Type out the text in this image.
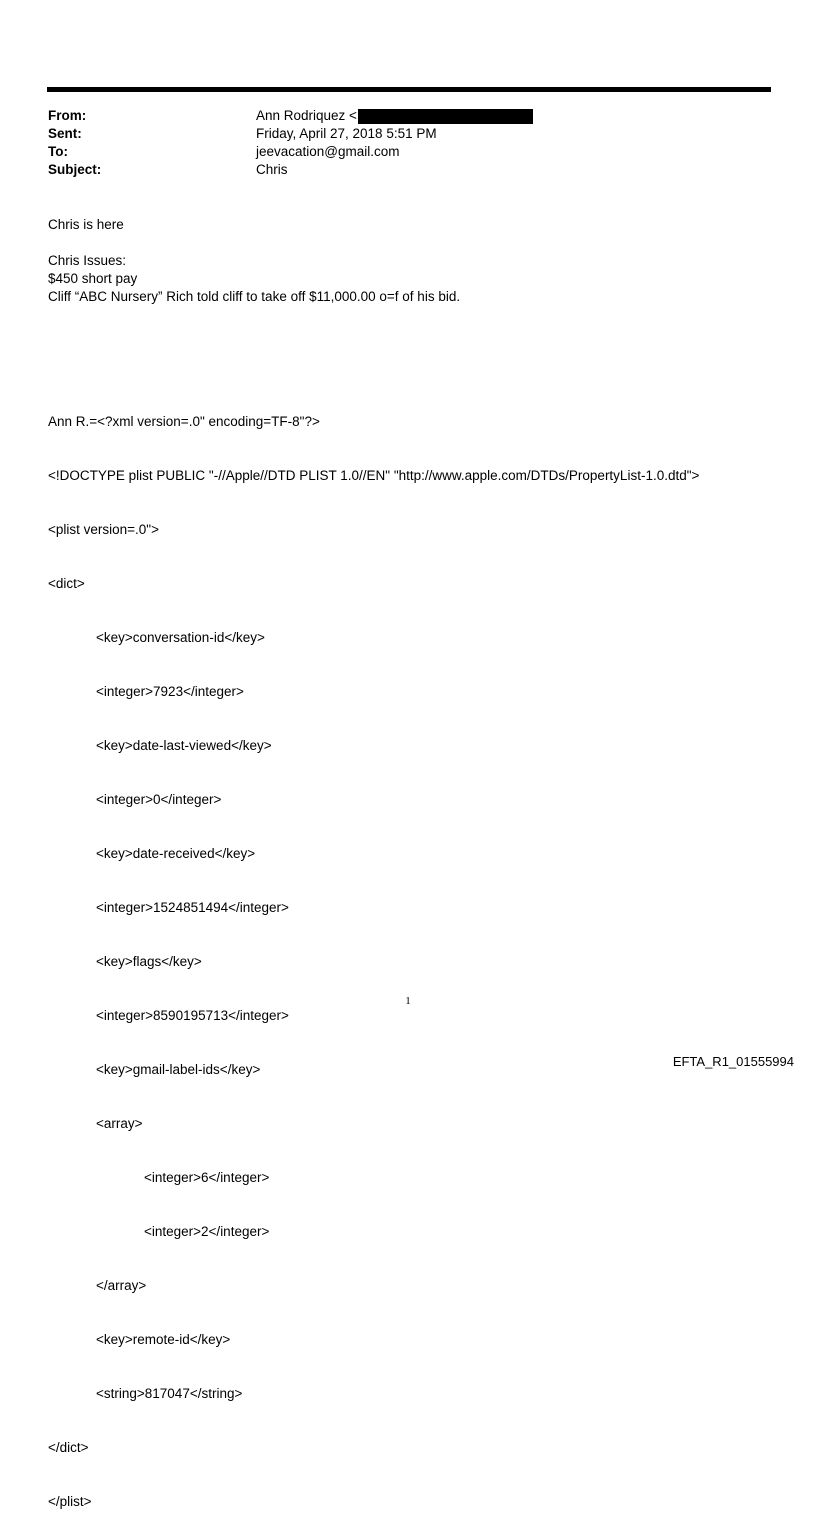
From:	Ann Rodriquez <
Sent:	Friday, April 27, 2018 5:51 PM
To:	jeevacation@gmail.com
Subject:	Chris
Chris is here
Chris Issues:
$450 short pay
Cliff “ABC Nursery” Rich told cliff to take off $11,000.00 o=f of his bid.

Ann R.=<?xml version=.0" encoding=TF-8"?>

<!DOCTYPE plist PUBLIC "-//Apple//DTD PLIST 1.0//EN" "http://www.apple.com/DTDs/PropertyList-1.0.dtd">

<plist version=.0">

<dict>

<key>conversation-id</key>

<integer>7923</integer>

<key>date-last-viewed</key>

<integer>0</integer>

<key>date-received</key>

<integer>1524851494</integer>

<key>flags</key>

<integer>8590195713</integer>

<key>gmail-label-ids</key>

<array>

<integer>6</integer>

<integer>2</integer>

</array>

<key>remote-id</key>

<string>817047</string>

</dict>

</plist>

1
EFTA_R1_01555994
